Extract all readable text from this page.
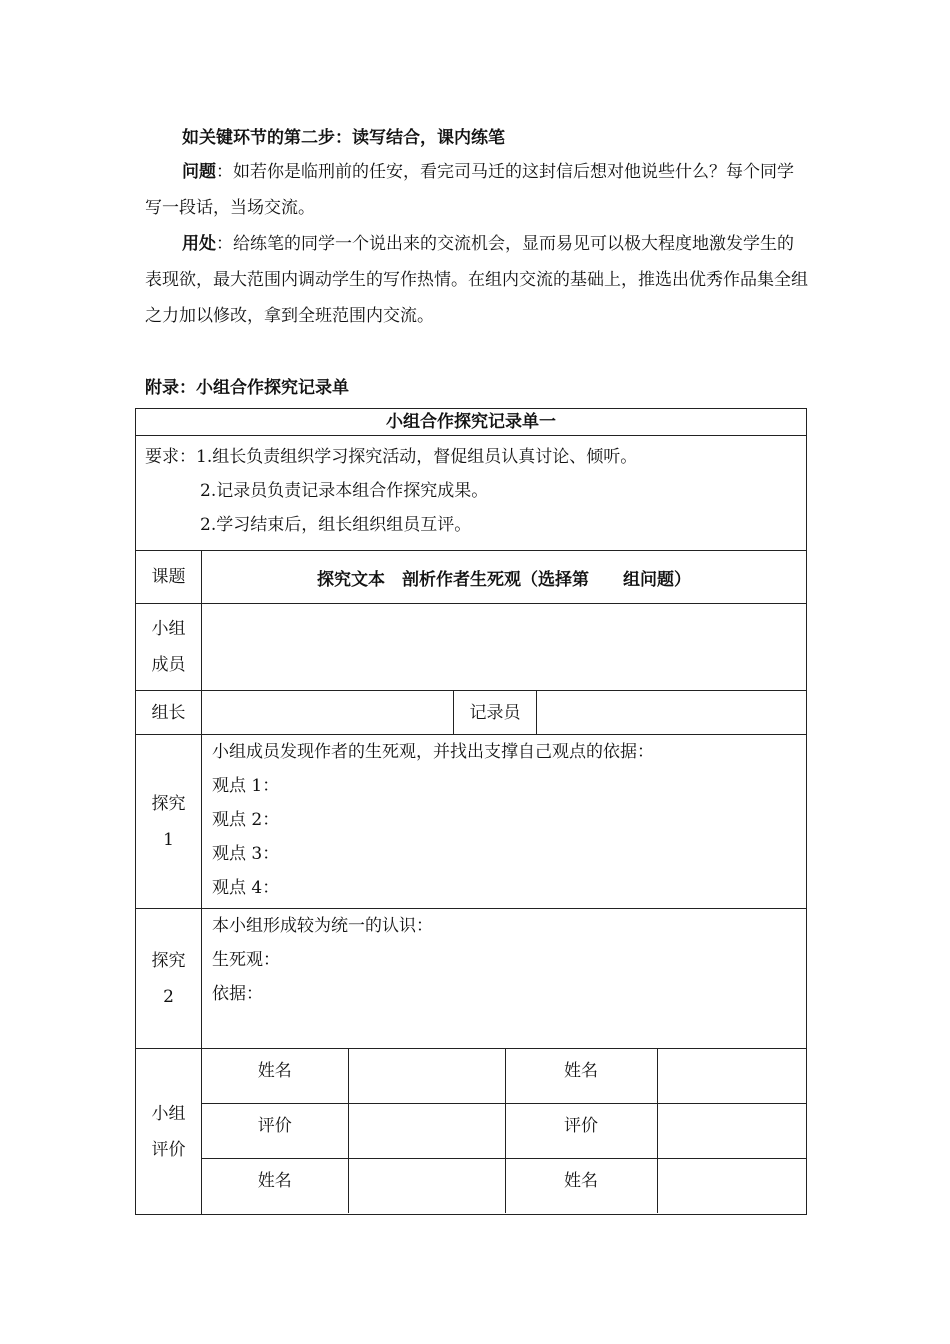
如关键环节的第二步：读写结合，课内练笔
问题：如若你是临刑前的任安，看完司马迁的这封信后想对他说些什么？每个同学写一段话，当场交流。
用处：给练笔的同学一个说出来的交流机会，显而易见可以极大程度地激发学生的表现欲，最大范围内调动学生的写作热情。在组内交流的基础上，推选出优秀作品集全组之力加以修改，拿到全班范围内交流。
附录：小组合作探究记录单
小组合作探究记录单一

要求：1.组长负责组织学习探究活动，督促组员认真讨论、倾听。
2.记录员负责记录本组合作探究成果。
2.学习结束后，组长组织组员互评。

课题	探究文本　剖析作者生死观（选择第　　组问题）

小组
成员

组长		记录员	

探究
1

小组成员发现作者的生死观，并找出支撑自己观点的依据：
观点 1：
观点 2：
观点 3：
观点 4：

探究
2

本小组形成较为统一的认识：
生死观：
依据：

小组
评价

姓名		姓名	
评价		评价	
姓名		姓名	
